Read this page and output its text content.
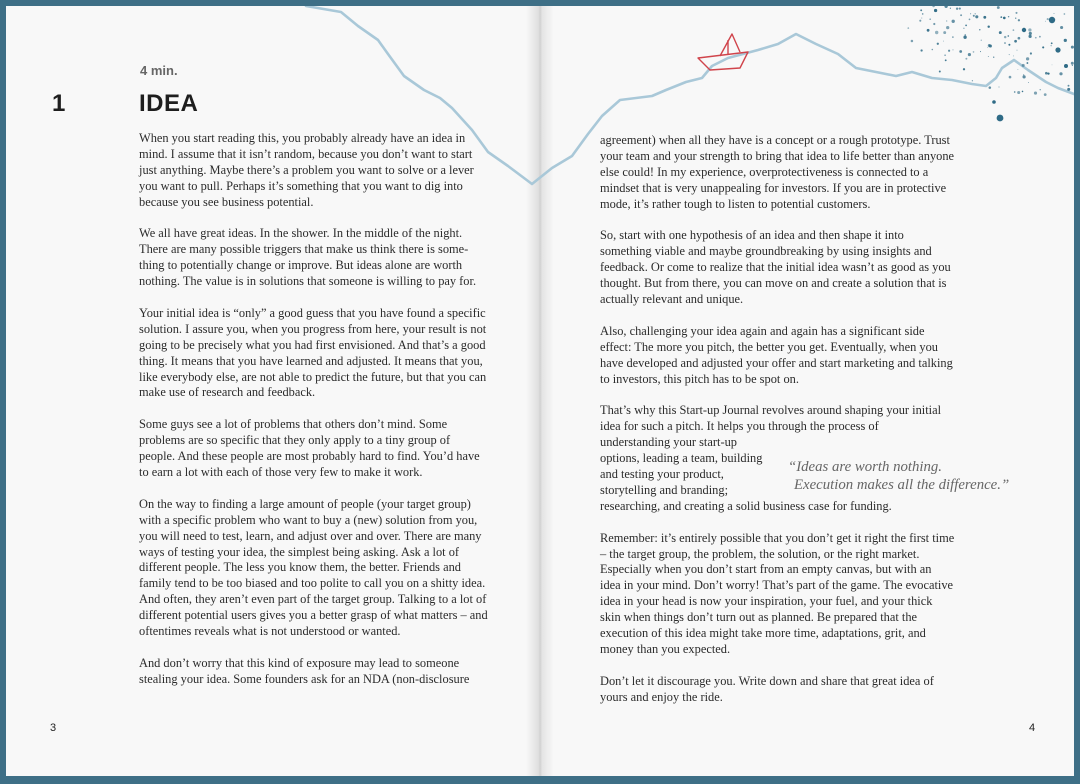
4 min.
1	IDEA

When you start reading this, you probably already have an idea in mind. I assume that it isn’t random, because you don’t want to start just anything. Maybe there’s a problem you want to solve or a lever you want to pull. Perhaps it’s something that you want to dig into because you see business potential.

We all have great ideas. In the shower. In the middle of the night. There are many possible triggers that make us think there is some-thing to potentially change or improve. But ideas alone are worth nothing. The value is in solutions that someone is willing to pay for.

Your initial idea is “only” a good guess that you have found a specific solution. I assure you, when you progress from here, your result is not going to be precisely what you had first envisioned. And that’s a good thing. It means that you have learned and adjusted. It means that you, like everybody else, are not able to predict the future, but that you can make use of research and feedback.

Some guys see a lot of problems that others don’t mind. Some problems are so specific that they only apply to a tiny group of people. And these people are most probably hard to find. You’d have to earn a lot with each of those very few to make it work.

On the way to finding a large amount of people (your target group) with a specific problem who want to buy a (new) solution from you, you will need to test, learn, and adjust over and over. There are many ways of testing your idea, the simplest being asking. Ask a lot of different people. The less you know them, the better. Friends and family tend to be too biased and too polite to call you on a shitty idea. And often, they aren’t even part of the target group. Talking to a lot of different potential users gives you a better grasp of what matters – and oftentimes reveals what is not understood or wanted.

And don’t worry that this kind of exposure may lead to someone stealing your idea. Some founders ask for an NDA (non-disclosure

3

agreement) when all they have is a concept or a rough prototype. Trust your team and your strength to bring that idea to life better than anyone else could! In my experience, overprotectiveness is connected to a mindset that is very unappealing for investors. If you are in protective mode, it’s rather tough to listen to potential customers.

So, start with one hypothesis of an idea and then shape it into something viable and maybe groundbreaking by using insights and feedback. Or come to realize that the initial idea wasn’t as good as you thought. But from there, you can move on and create a solution that is actually relevant and unique.

Also, challenging your idea again and again has a significant side effect: The more you pitch, the better you get. Eventually, when you have developed and adjusted your offer and start marketing and talking to investors, this pitch has to be spot on.

That’s why this Start-up Journal revolves around shaping your initial idea for such a pitch. It helps you through the process of
understanding your start-up options, leading a team, building and testing your product, storytelling and branding;
researching, and creating a solid business case for funding.

Remember: it’s entirely possible that you don’t get it right the first time – the target group, the problem, the solution, or the right market. Especially when you don’t start from an empty canvas, but with an idea in your mind. Don’t worry! That’s part of the game. The evocative idea in your head is now your inspiration, your fuel, and your thick skin when things don’t turn out as planned. Be prepared that the execution of this idea might take more time, adaptations, grit, and money than you expected.

Don’t let it discourage you. Write down and share that great idea of yours and enjoy the ride.

“Ideas are worth nothing.
Execution makes all the difference.”
4
